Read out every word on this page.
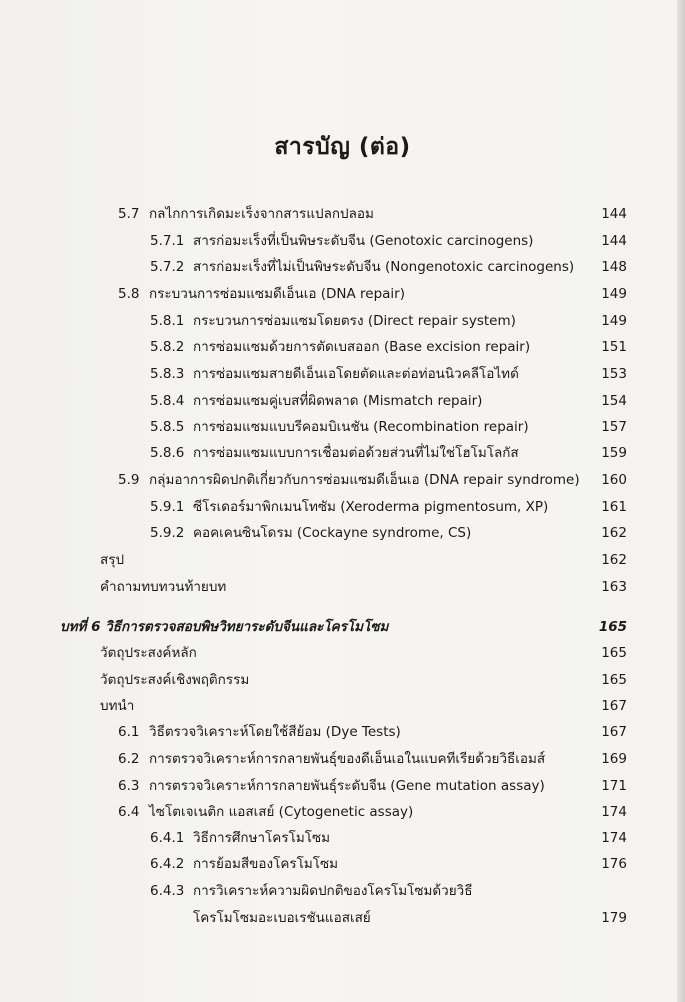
สารบัญ (ต่อ)
5.7 กลไกการเกิดมะเร็งจากสารแปลกปลอม	144
5.7.1 สารก่อมะเร็งที่เป็นพิษระดับจีน (Genotoxic carcinogens)	144
5.7.2 สารก่อมะเร็งที่ไม่เป็นพิษระดับจีน (Nongenotoxic carcinogens) 148
5.8 กระบวนการซ่อมแซมดีเอ็นเอ (DNA repair)	149
5.8.1 กระบวนการซ่อมแซมโดยตรง (Direct repair system)	149
5.8.2 การซ่อมแซมด้วยการตัดเบสออก (Base excision repair)	151
5.8.3 การซ่อมแซมสายดีเอ็นเอโดยตัดและต่อท่อนนิวคลีโอไทด์	153
5.8.4 การซ่อมแซมคู่เบสที่ผิดพลาด (Mismatch repair)	154
5.8.5 การซ่อมแซมแบบรีคอมบิเนชัน (Recombination repair)	157
5.8.6 การซ่อมแซมแบบการเชื่อมต่อด้วยส่วนที่ไม่ใช่โฮโมโลกัส	159
5.9 กลุ่มอาการผิดปกติเกี่ยวกับการซ่อมแซมดีเอ็นเอ (DNA repair syndrome) 160
5.9.1 ซีโรเดอร์มาพิกเมนโทซัม (Xeroderma pigmentosum, XP)	161
5.9.2 คอคเคนซินโดรม (Cockayne syndrome, CS)	162
สรุป	162
คำถามทบทวนท้ายบท	163
บทที่ 6 วิธีการตรวจสอบพิษวิทยาระดับจีนและโครโมโซม	165
วัตถุประสงค์หลัก	165
วัตถุประสงค์เชิงพฤติกรรม	165
บทนำ	167
6.1 วิธีตรวจวิเคราะห์โดยใช้สีย้อม (Dye Tests)	167
6.2 การตรวจวิเคราะห์การกลายพันธุ์ของดีเอ็นเอในแบคทีเรียด้วยวิธีเอมส์	169
6.3 การตรวจวิเคราะห์การกลายพันธุ์ระดับจีน (Gene mutation assay)	171
6.4 ไซโตเจเนติก แอสเสย์ (Cytogenetic assay)	174
6.4.1 วิธีการศึกษาโครโมโซม	174
6.4.2 การย้อมสีของโครโมโซม	176
6.4.3 การวิเคราะห์ความผิดปกติของโครโมโซมด้วยวิธี
โครโมโซมอะเบอเรชันแอสเสย์	179
